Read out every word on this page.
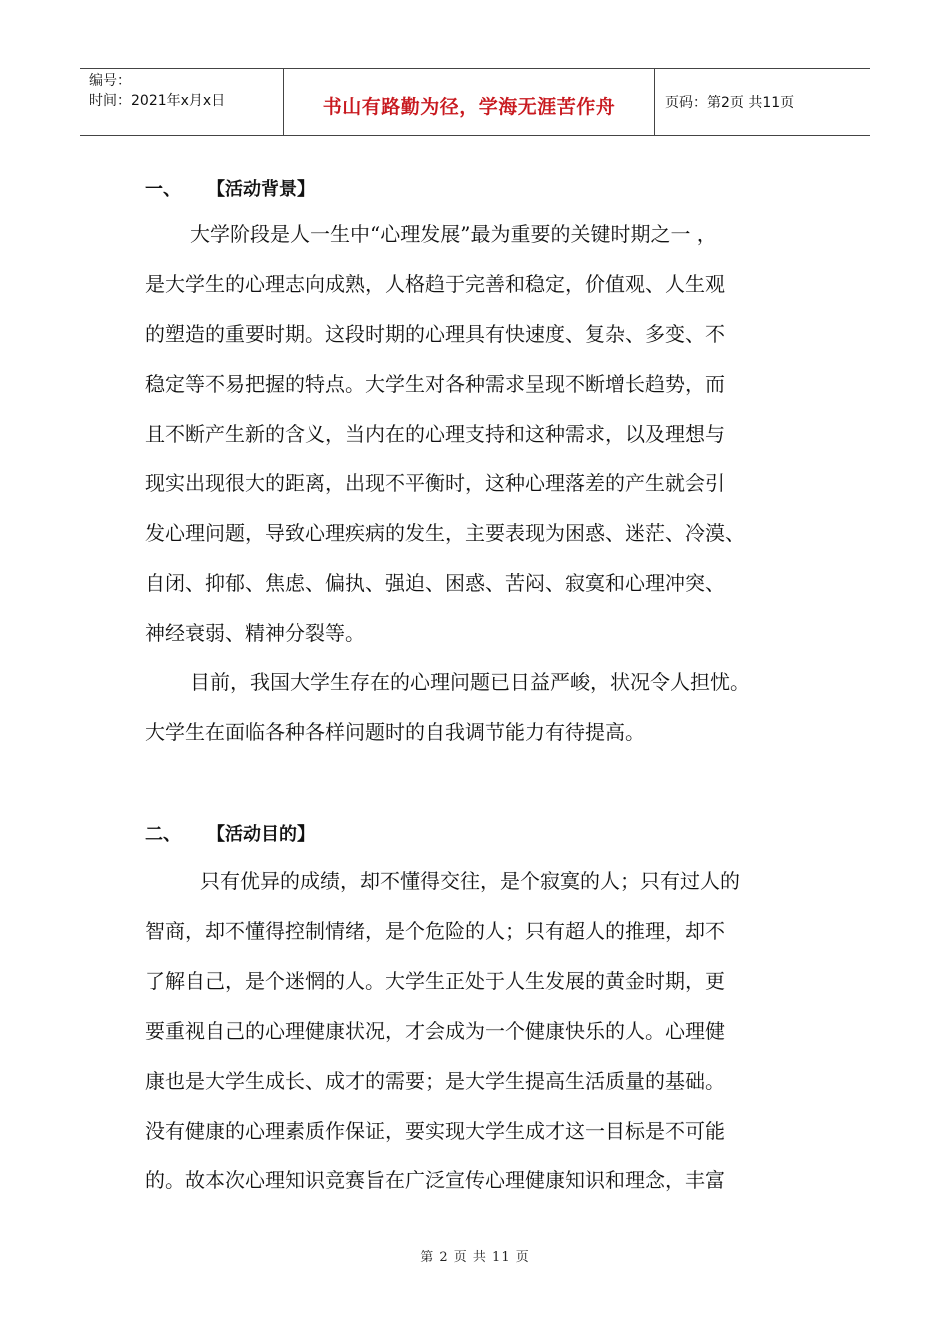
编号：
时间：2021年x月x日	书山有路勤为径，学海无涯苦作舟	页码：第2页 共11页
一、 【活动背景】
大学阶段是人一生中“心理发展”最为重要的关键时期之一 ，
是大学生的心理志向成熟，人格趋于完善和稳定，价值观、人生观
的塑造的重要时期。这段时期的心理具有快速度、复杂、多变、不
稳定等不易把握的特点。大学生对各种需求呈现不断增长趋势，而
且不断产生新的含义，当内在的心理支持和这种需求，以及理想与
现实出现很大的距离，出现不平衡时，这种心理落差的产生就会引
发心理问题，导致心理疾病的发生，主要表现为困惑、迷茫、冷漠、
自闭、抑郁、焦虑、偏执、强迫、困惑、苦闷、寂寞和心理冲突、
神经衰弱、精神分裂等。
目前，我国大学生存在的心理问题已日益严峻，状况令人担忧。
大学生在面临各种各样问题时的自我调节能力有待提高。
二、 【活动目的】
只有优异的成绩，却不懂得交往，是个寂寞的人；只有过人的
智商，却不懂得控制情绪，是个危险的人；只有超人的推理，却不
了解自己，是个迷惘的人。大学生正处于人生发展的黄金时期，更
要重视自己的心理健康状况，才会成为一个健康快乐的人。心理健
康也是大学生成长、成才的需要；是大学生提高生活质量的基础。
没有健康的心理素质作保证，要实现大学生成才这一目标是不可能
的。故本次心理知识竞赛旨在广泛宣传心理健康知识和理念，丰富
第 2 页 共 11 页
